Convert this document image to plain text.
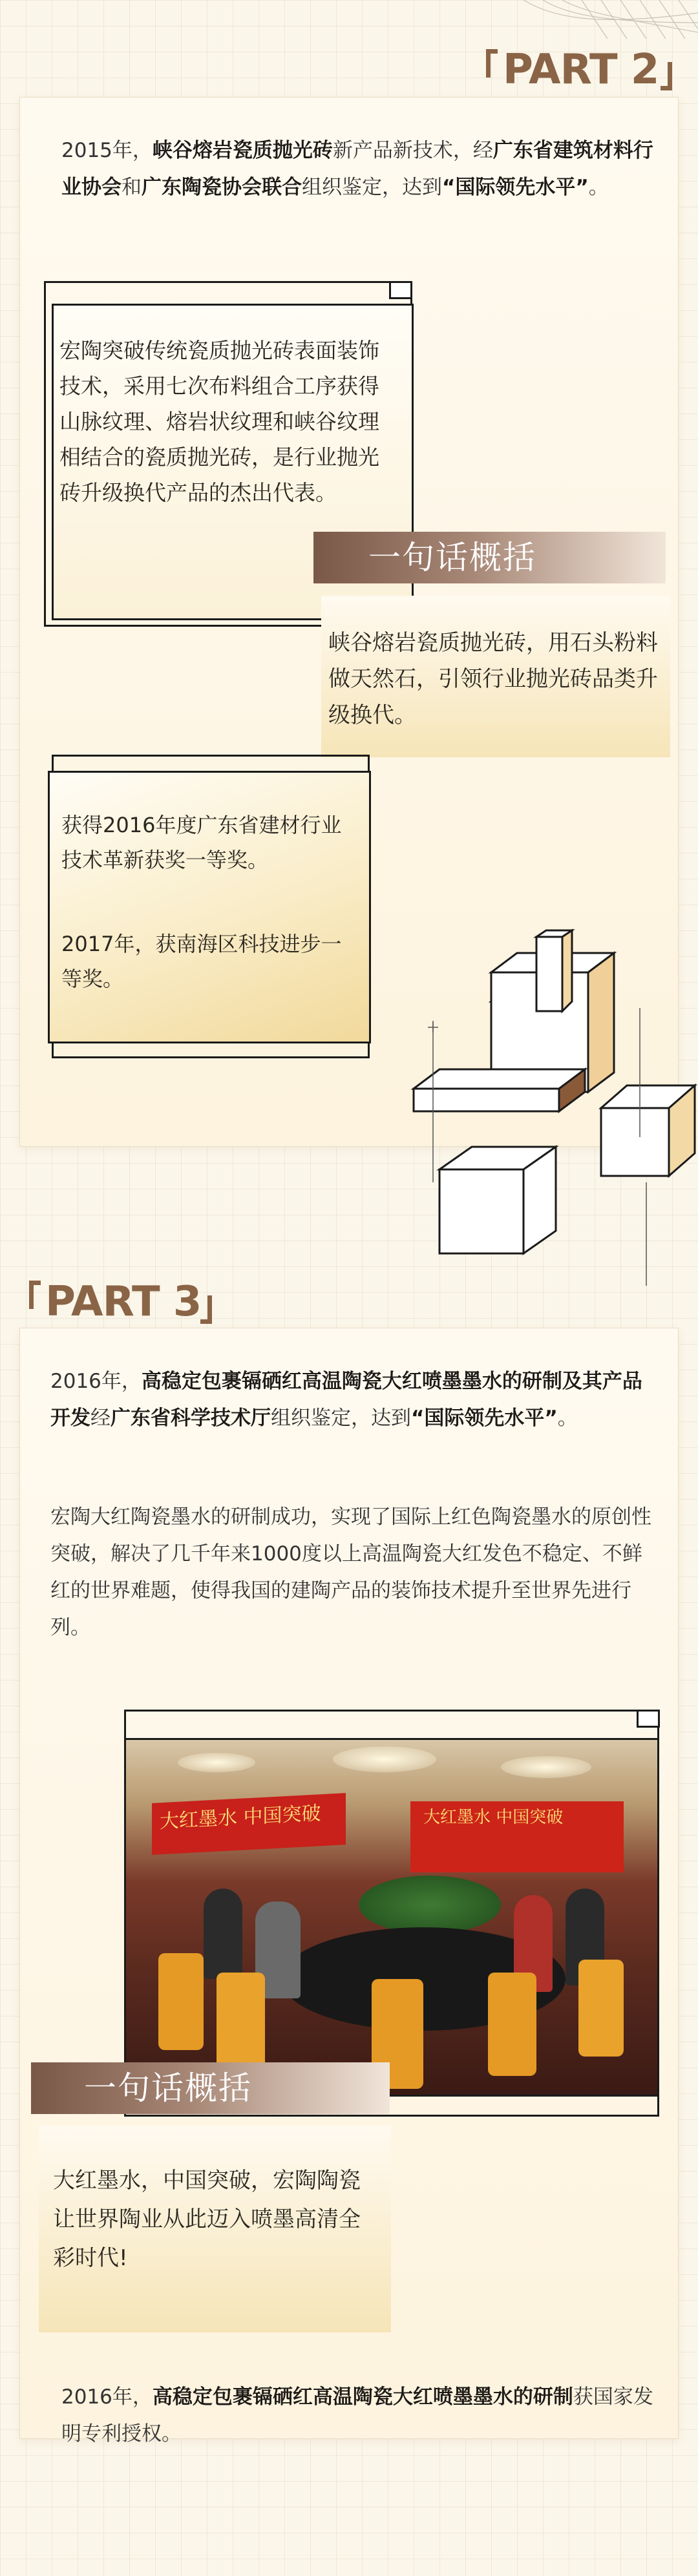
PART 2

2015年，峡谷熔岩瓷质抛光砖新产品新技术，经广东省建筑材料行业协会和广东陶瓷协会联合组织鉴定，达到“国际领先水平”。

宏陶突破传统瓷质抛光砖表面装饰技术，采用七次布料组合工序获得山脉纹理、熔岩状纹理和峡谷纹理相结合的瓷质抛光砖，是行业抛光砖升级换代产品的杰出代表。

一句话概括

峡谷熔岩瓷质抛光砖，用石头粉料做天然石，引领行业抛光砖品类升级换代。

获得2016年度广东省建材行业技术革新获奖一等奖。

2017年，获南海区科技进步一等奖。

PART 3

2016年，高稳定包裹镉硒红高温陶瓷大红喷墨墨水的研制及其产品开发经广东省科学技术厅组织鉴定，达到“国际领先水平”。

宏陶大红陶瓷墨水的研制成功，实现了国际上红色陶瓷墨水的原创性突破，解决了几千年来1000度以上高温陶瓷大红发色不稳定、不鲜红的世界难题，使得我国的建陶产品的装饰技术提升至世界先进行列。

大红墨水 中国突破	大红墨水 中国突破
一句话概括

大红墨水，中国突破，宏陶陶瓷让世界陶业从此迈入喷墨高清全彩时代!

2016年，高稳定包裹镉硒红高温陶瓷大红喷墨墨水的研制获国家发明专利授权。
